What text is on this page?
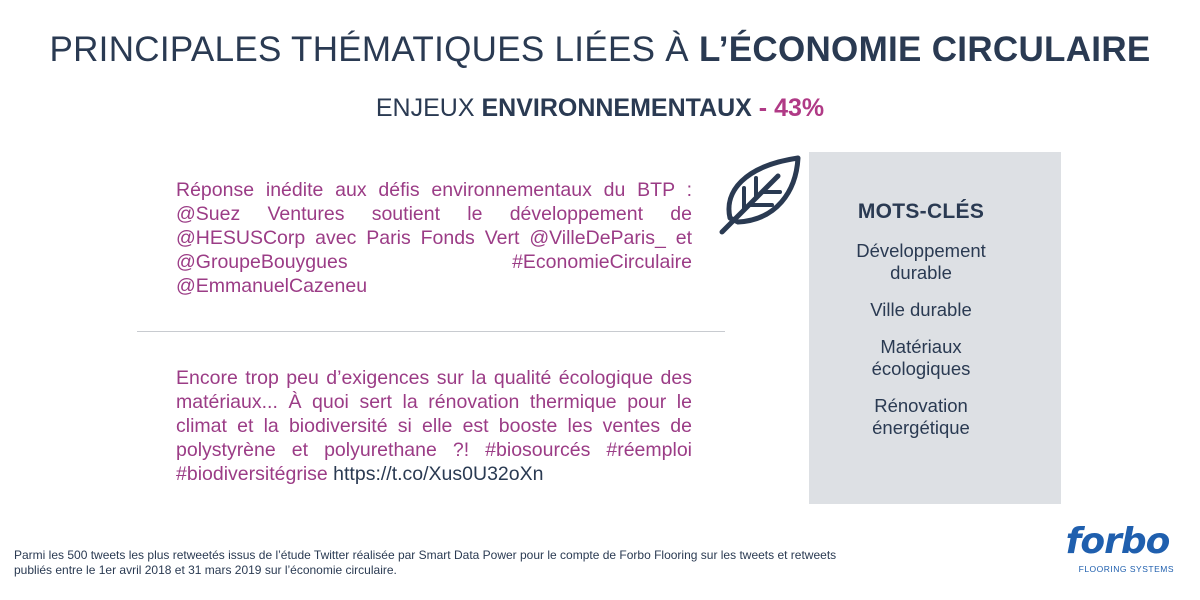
PRINCIPALES THÉMATIQUES LIÉES À L’ÉCONOMIE CIRCULAIRE
ENJEUX ENVIRONNEMENTAUX - 43%
Réponse inédite aux défis environnementaux du BTP : @Suez Ventures soutient le développement de @HESUSCorp avec Paris Fonds Vert @VilleDeParis_ et @GroupeBouygues #EconomieCirculaire @EmmanuelCazeneu
Encore trop peu d’exigences sur la qualité écologique des matériaux... À quoi sert la rénovation thermique pour le climat et la biodiversité si elle est booste les ventes de polystyrène et polyurethane ?! #biosourcés #réemploi #biodiversitégrise https://t.co/Xus0U32oXn
MOTS-CLÉS
Développement durable
Ville durable
Matériaux écologiques
Rénovation énergétique
Parmi les 500 tweets les plus retweetés issus de l’étude Twitter réalisée par Smart Data Power pour le compte de Forbo Flooring sur les tweets et retweets
publiés entre le 1er avril 2018 et 31 mars 2019 sur l’économie circulaire.
forbo
FLOORING SYSTEMS
